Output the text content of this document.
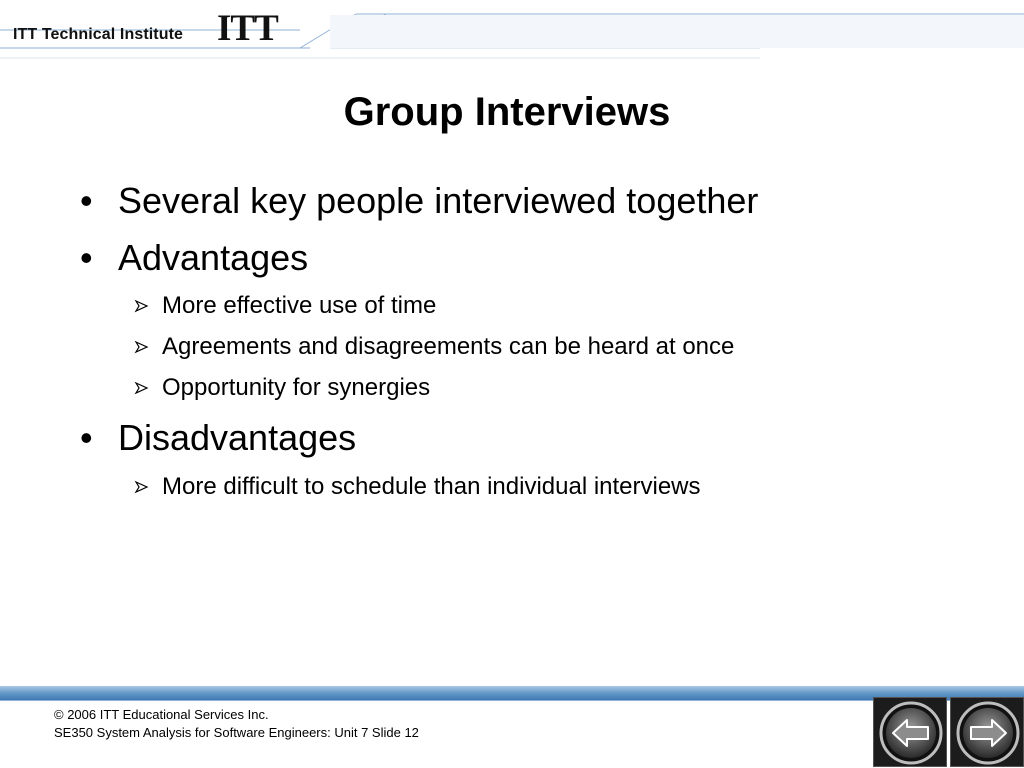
ITT Technical Institute ITT
Group Interviews
• Several key people interviewed together
• Advantages
More effective use of time
Agreements and disagreements can be heard at once
Opportunity for synergies
• Disadvantages
More difficult to schedule than individual interviews
© 2006 ITT Educational Services Inc.
SE350 System Analysis for Software Engineers: Unit 7 Slide 12
